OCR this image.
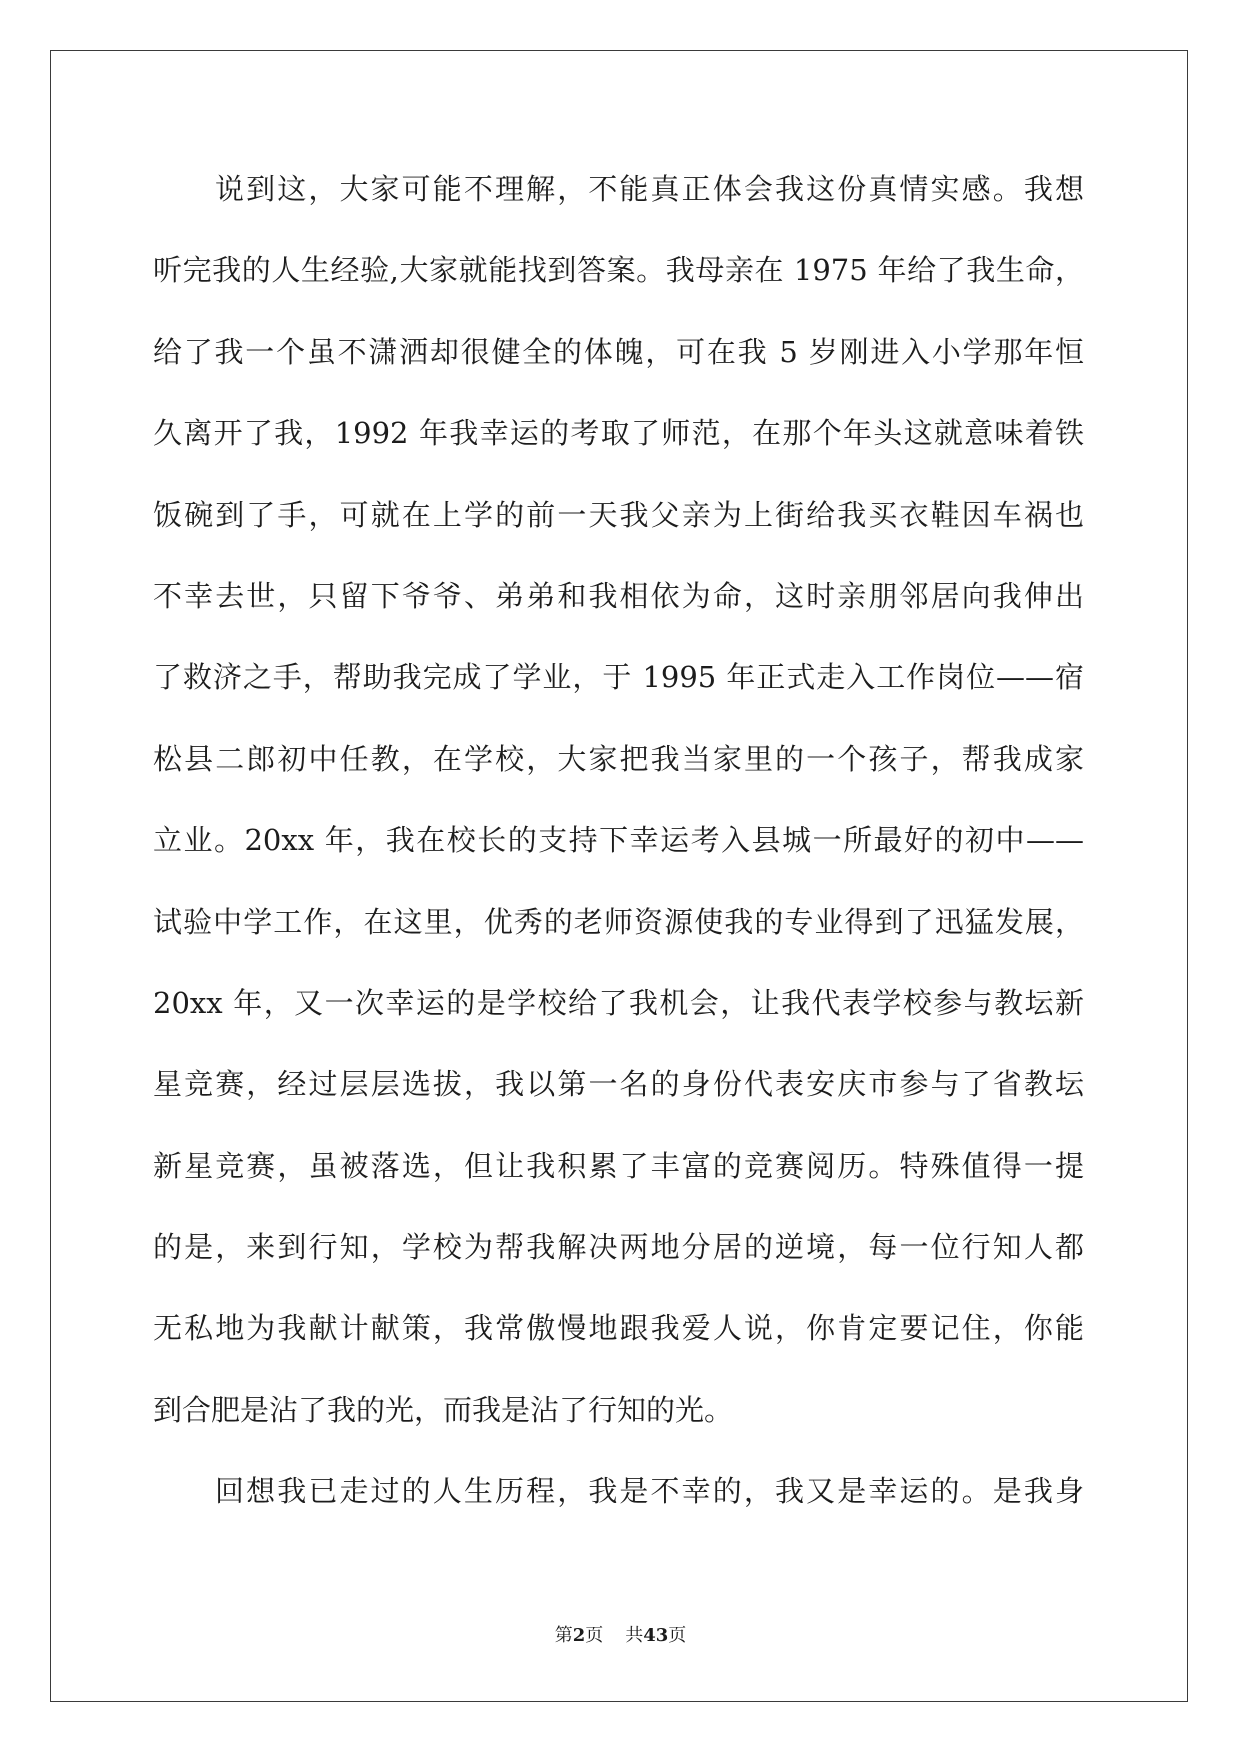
说到这，大家可能不理解，不能真正体会我这份真情实感。我想
听完我的人生经验,大家就能找到答案。我母亲在 1975 年给了我生命，
给了我一个虽不潇洒却很健全的体魄，可在我 5 岁刚进入小学那年恒
久离开了我，1992 年我幸运的考取了师范，在那个年头这就意味着铁
饭碗到了手，可就在上学的前一天我父亲为上街给我买衣鞋因车祸也
不幸去世，只留下爷爷、弟弟和我相依为命，这时亲朋邻居向我伸出
了救济之手，帮助我完成了学业，于 1995 年正式走入工作岗位——宿
松县二郎初中任教，在学校，大家把我当家里的一个孩子，帮我成家
立业。20xx 年，我在校长的支持下幸运考入县城一所最好的初中——
试验中学工作，在这里，优秀的老师资源使我的专业得到了迅猛发展，
20xx 年，又一次幸运的是学校给了我机会，让我代表学校参与教坛新
星竞赛，经过层层选拔，我以第一名的身份代表安庆市参与了省教坛
新星竞赛，虽被落选，但让我积累了丰富的竞赛阅历。特殊值得一提
的是，来到行知，学校为帮我解决两地分居的逆境，每一位行知人都
无私地为我献计献策，我常傲慢地跟我爱人说，你肯定要记住，你能
到合肥是沾了我的光，而我是沾了行知的光。
回想我已走过的人生历程，我是不幸的，我又是幸运的。是我身
第2页 共43页
